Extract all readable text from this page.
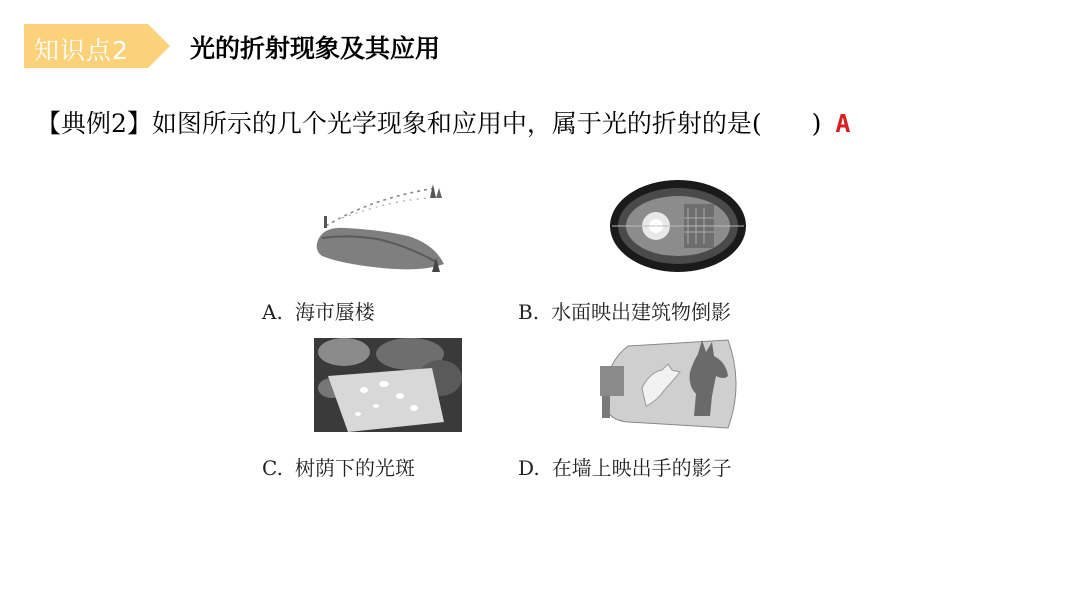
知识点2 光的折射现象及其应用
【典例2】如图所示的几个光学现象和应用中，属于光的折射的是(　　) A
A. 海市蜃楼	B. 水面映出建筑物倒影
C. 树荫下的光斑	D. 在墙上映出手的影子
